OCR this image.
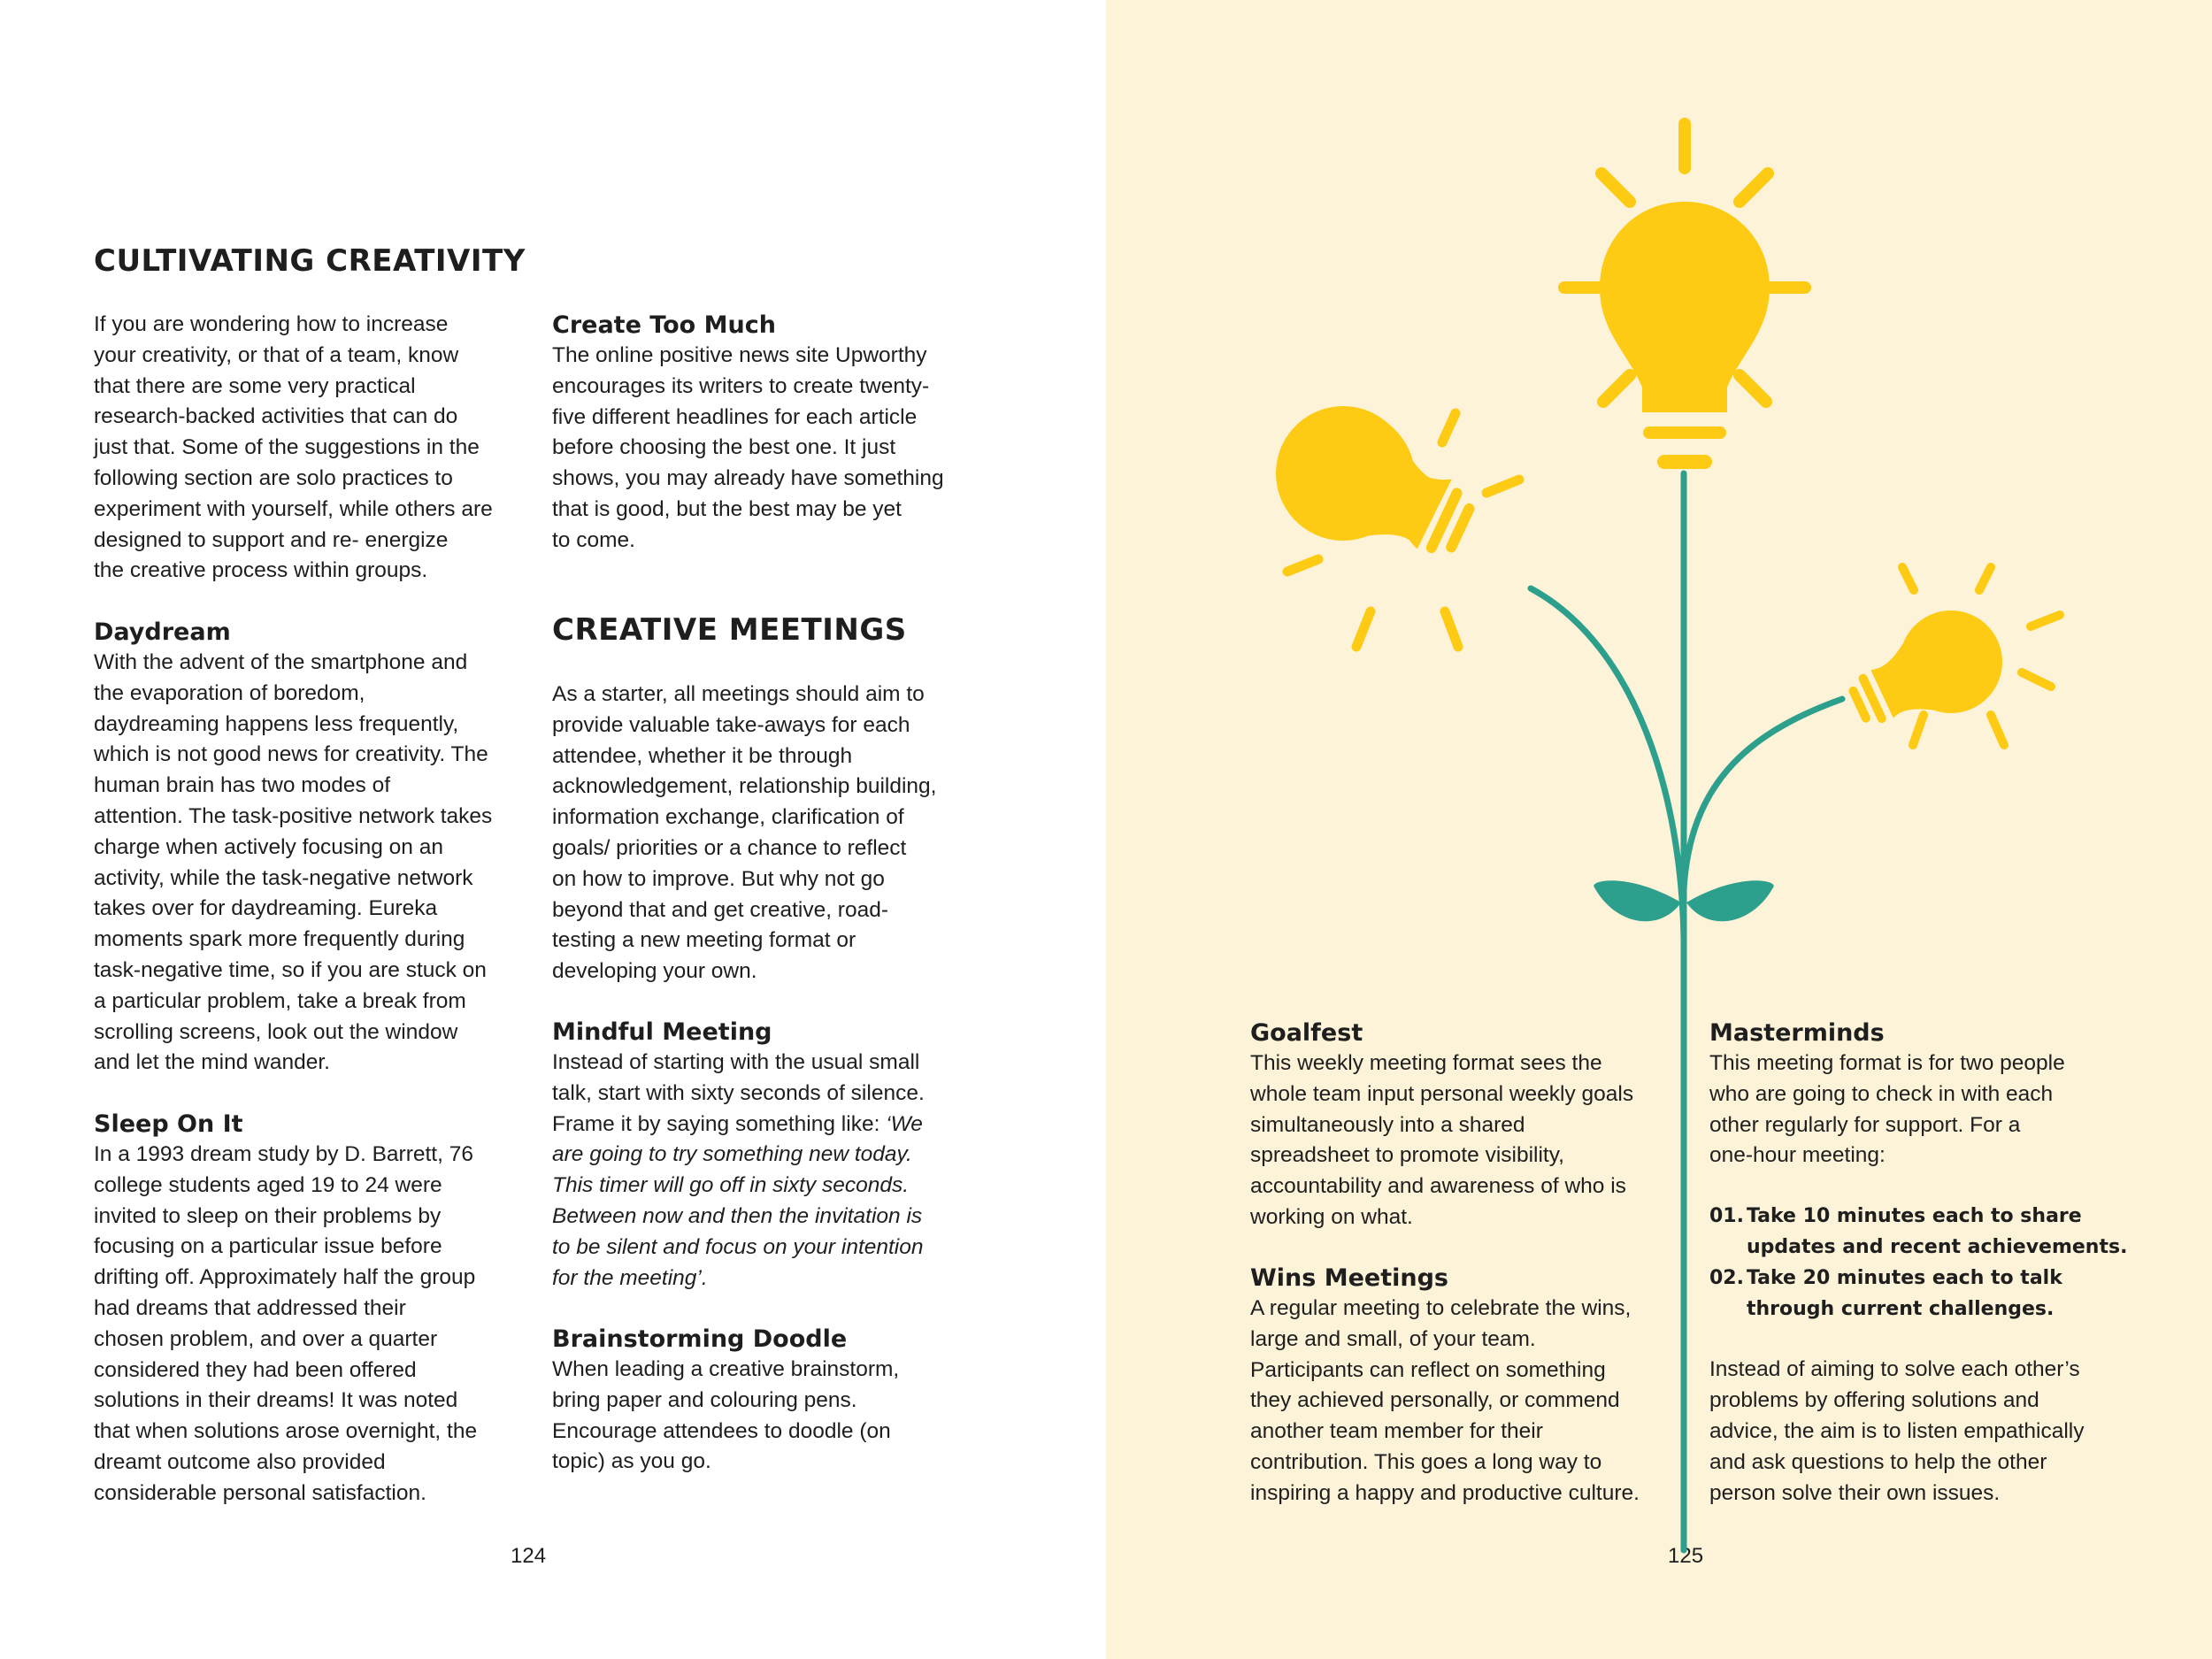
CULTIVATING CREATIVITY

If you are wondering how to increase
your creativity, or that of a team, know
that there are some very practical
research-backed activities that can do
just that. Some of the suggestions in the
following section are solo practices to
experiment with yourself, while others are
designed to support and re- energize
the creative process within groups.

Daydream

With the advent of the smartphone and
the evaporation of boredom,
daydreaming happens less frequently,
which is not good news for creativity. The
human brain has two modes of
attention. The task-positive network takes
charge when actively focusing on an
activity, while the task-negative network
takes over for daydreaming. Eureka
moments spark more frequently during
task-negative time, so if you are stuck on
a particular problem, take a break from
scrolling screens, look out the window
and let the mind wander.

Sleep On It

In a 1993 dream study by D. Barrett, 76
college students aged 19 to 24 were
invited to sleep on their problems by
focusing on a particular issue before
drifting off. Approximately half the group
had dreams that addressed their
chosen problem, and over a quarter
considered they had been offered
solutions in their dreams! It was noted
that when solutions arose overnight, the
dreamt outcome also provided
considerable personal satisfaction.

Create Too Much

The online positive news site Upworthy
encourages its writers to create twenty-
five different headlines for each article
before choosing the best one. It just
shows, you may already have something
that is good, but the best may be yet
to come.

CREATIVE MEETINGS

As a starter, all meetings should aim to
provide valuable take-aways for each
attendee, whether it be through
acknowledgement, relationship building,
information exchange, clarification of
goals/ priorities or a chance to reflect
on how to improve. But why not go
beyond that and get creative, road-
testing a new meeting format or
developing your own.

Mindful Meeting

Instead of starting with the usual small
talk, start with sixty seconds of silence.
Frame it by saying something like: ‘We
are going to try something new today.
This timer will go off in sixty seconds.
Between now and then the invitation is
to be silent and focus on your intention
for the meeting’.

Brainstorming Doodle

When leading a creative brainstorm,
bring paper and colouring pens.
Encourage attendees to doodle (on
topic) as you go.

124
Goalfest

This weekly meeting format sees the
whole team input personal weekly goals
simultaneously into a shared
spreadsheet to promote visibility,
accountability and awareness of who is
working on what.

Wins Meetings

A regular meeting to celebrate the wins,
large and small, of your team.
Participants can reflect on something
they achieved personally, or commend
another team member for their
contribution. This goes a long way to
inspiring a happy and productive culture.

Masterminds

This meeting format is for two people
who are going to check in with each
other regularly for support. For a
one-hour meeting:

01. Take 10 minutes each to share
updates and recent achievements.

02. Take 20 minutes each to talk
through current challenges.

Instead of aiming to solve each other’s
problems by offering solutions and
advice, the aim is to listen empathically
and ask questions to help the other
person solve their own issues.

125
